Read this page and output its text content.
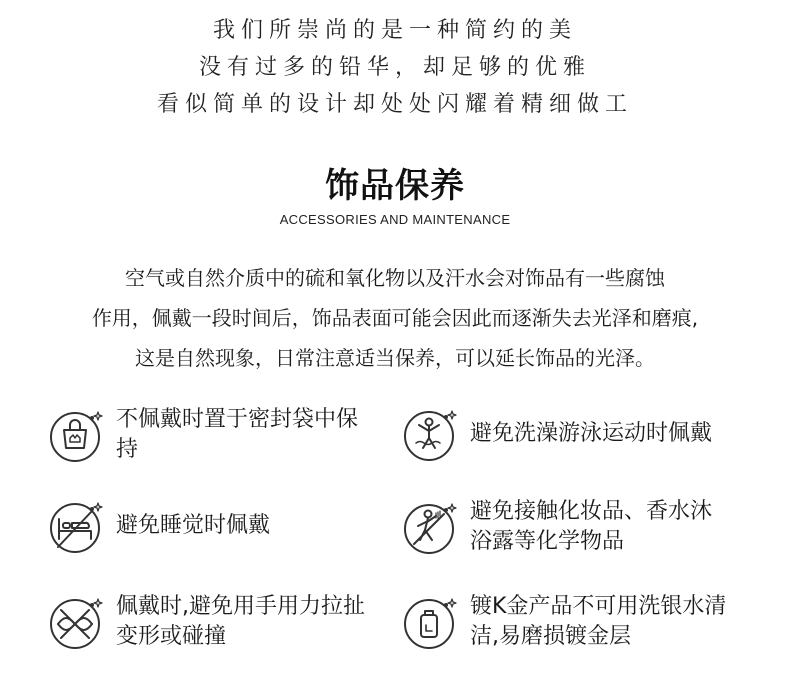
我们所崇尚的是一种简约的美
没有过多的铅华，却足够的优雅
看似简单的设计却处处闪耀着精细做工
饰品保养
ACCESSORIES AND MAINTENANCE
空气或自然介质中的硫和氧化物以及汗水会对饰品有一些腐蚀
作用，佩戴一段时间后，饰品表面可能会因此而逐渐失去光泽和磨痕,
这是自然现象，日常注意适当保养，可以延长饰品的光泽。
不佩戴时置于密封袋中保持
避免洗澡游泳运动时佩戴
避免睡觉时佩戴
避免接触化妆品、香水沐浴露等化学物品
佩戴时,避免用手用力拉扯变形或碰撞
镀K金产品不可用洗银水清洁,易磨损镀金层
